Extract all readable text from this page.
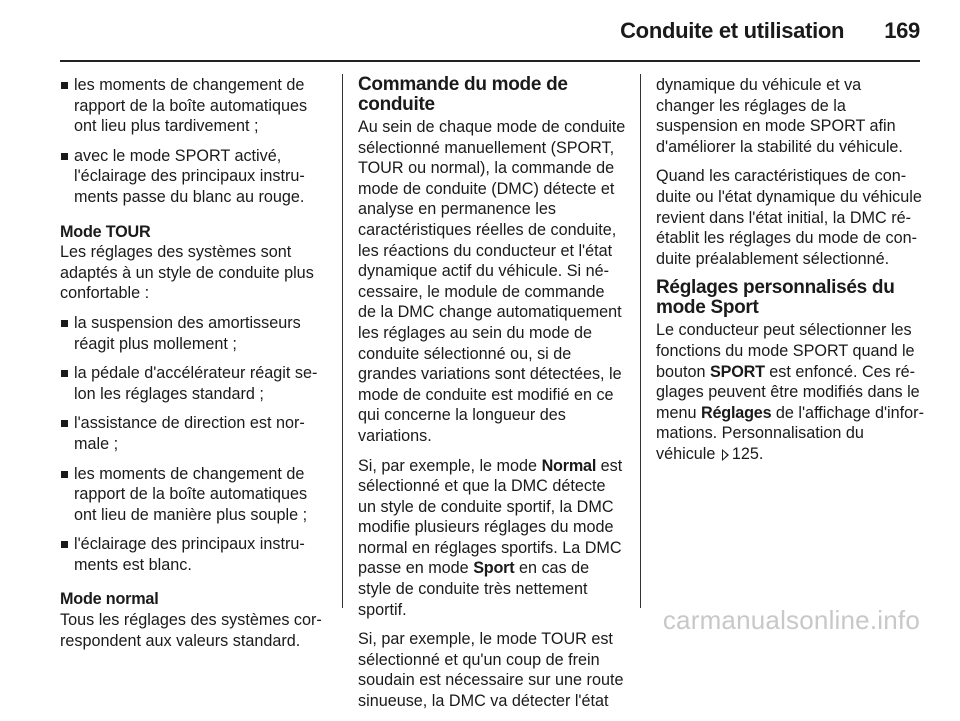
Conduite et utilisation 169
les moments de changement de rapport de la boîte automatiques ont lieu plus tardivement ;
avec le mode SPORT activé, l'éclairage des principaux instruments passe du blanc au rouge.
Mode TOUR

Les réglages des systèmes sont adaptés à un style de conduite plus confortable :

la suspension des amortisseurs réagit plus mollement ;
la pédale d'accélérateur réagit selon les réglages standard ;
l'assistance de direction est normale ;
les moments de changement de rapport de la boîte automatiques ont lieu de manière plus souple ;
l'éclairage des principaux instruments est blanc.
Mode normal

Tous les réglages des systèmes correspondent aux valeurs standard.

Commande du mode de conduite

Au sein de chaque mode de conduite sélectionné manuellement (SPORT, TOUR ou normal), la commande de mode de conduite (DMC) détecte et analyse en permanence les caractéristiques réelles de conduite, les réactions du conducteur et l'état dynamique actif du véhicule. Si nécessaire, le module de commande de la DMC change automatiquement les réglages au sein du mode de conduite sélectionné ou, si de grandes variations sont détectées, le mode de conduite est modifié en ce qui concerne la longueur des variations.

Si, par exemple, le mode Normal est sélectionné et que la DMC détecte un style de conduite sportif, la DMC modifie plusieurs réglages du mode normal en réglages sportifs. La DMC passe en mode Sport en cas de style de conduite très nettement sportif.

Si, par exemple, le mode TOUR est sélectionné et qu'un coup de frein soudain est nécessaire sur une route sinueuse, la DMC va détecter l'état

dynamique du véhicule et va changer les réglages de la suspension en mode SPORT afin d'améliorer la stabilité du véhicule.

Quand les caractéristiques de conduite ou l'état dynamique du véhicule revient dans l'état initial, la DMC réétablit les réglages du mode de conduite préalablement sélectionné.

Réglages personnalisés du mode Sport

Le conducteur peut sélectionner les fonctions du mode SPORT quand le bouton SPORT est enfoncé. Ces réglages peuvent être modifiés dans le menu Réglages de l'affichage d'informations. Personnalisation du véhicule 125.

carmanualsonline.info
